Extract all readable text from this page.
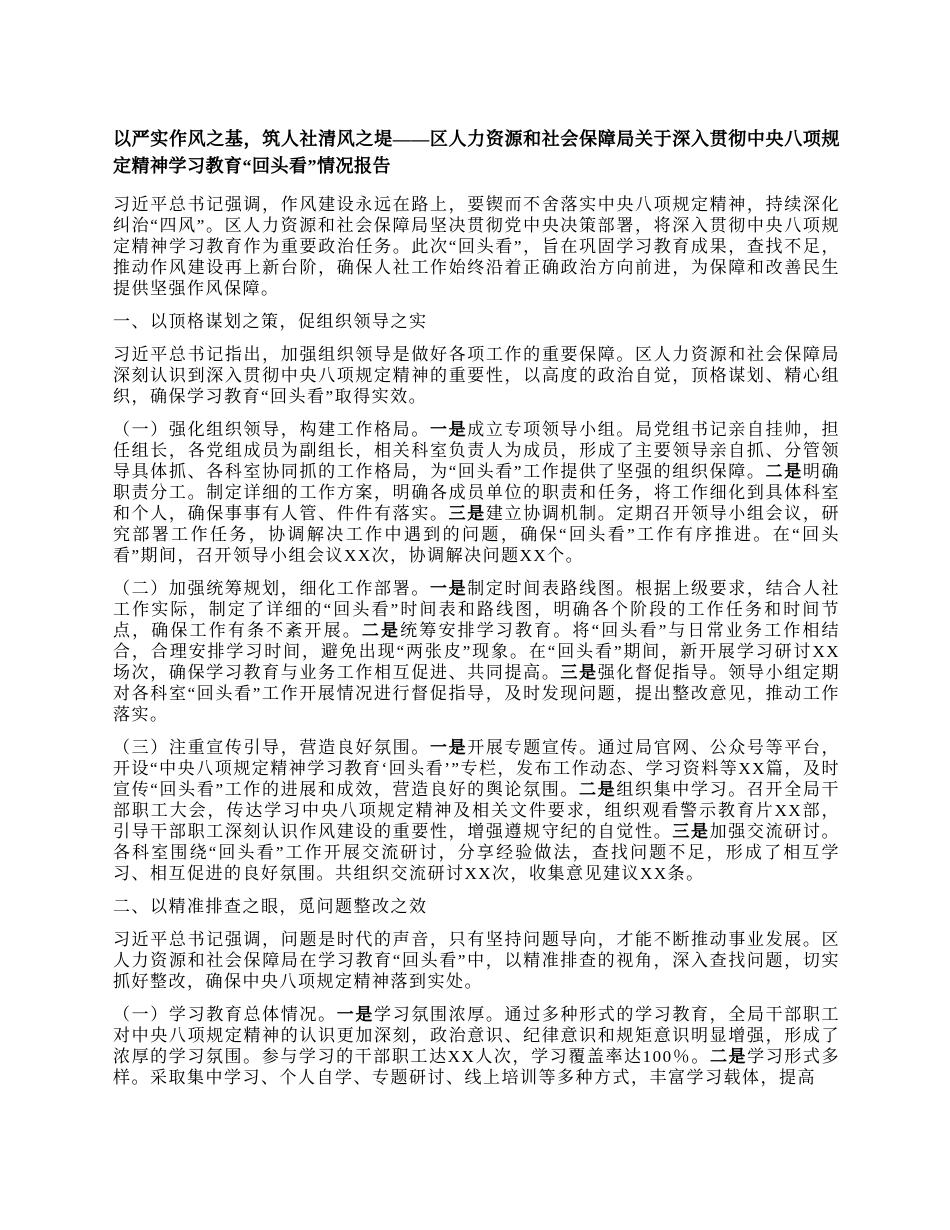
以严实作风之基，筑人社清风之堤——区人力资源和社会保障局关于深入贯彻中央八项规定精神学习教育“回头看”情况报告

习近平总书记强调，作风建设永远在路上，要锲而不舍落实中央八项规定精神，持续深化纠治“四风”。区人力资源和社会保障局坚决贯彻党中央决策部署，将深入贯彻中央八项规定精神学习教育作为重要政治任务。此次“回头看”，旨在巩固学习教育成果，查找不足，推动作风建设再上新台阶，确保人社工作始终沿着正确政治方向前进，为保障和改善民生提供坚强作风保障。

一、以顶格谋划之策，促组织领导之实

习近平总书记指出，加强组织领导是做好各项工作的重要保障。区人力资源和社会保障局深刻认识到深入贯彻中央八项规定精神的重要性，以高度的政治自觉，顶格谋划、精心组织，确保学习教育“回头看”取得实效。

（一）强化组织领导，构建工作格局。一是成立专项领导小组。局党组书记亲自挂帅，担任组长，各党组成员为副组长，相关科室负责人为成员，形成了主要领导亲自抓、分管领导具体抓、各科室协同抓的工作格局，为“回头看”工作提供了坚强的组织保障。二是明确职责分工。制定详细的工作方案，明确各成员单位的职责和任务，将工作细化到具体科室和个人，确保事事有人管、件件有落实。三是建立协调机制。定期召开领导小组会议，研究部署工作任务，协调解决工作中遇到的问题，确保“回头看”工作有序推进。在“回头看”期间，召开领导小组会议XX次，协调解决问题XX个。

（二）加强统筹规划，细化工作部署。一是制定时间表路线图。根据上级要求，结合人社工作实际，制定了详细的“回头看”时间表和路线图，明确各个阶段的工作任务和时间节点，确保工作有条不紊开展。二是统筹安排学习教育。将“回头看”与日常业务工作相结合，合理安排学习时间，避免出现“两张皮”现象。在“回头看”期间，新开展学习研讨XX场次，确保学习教育与业务工作相互促进、共同提高。三是强化督促指导。领导小组定期对各科室“回头看”工作开展情况进行督促指导，及时发现问题，提出整改意见，推动工作落实。

（三）注重宣传引导，营造良好氛围。一是开展专题宣传。通过局官网、公众号等平台，开设“中央八项规定精神学习教育‘回头看’”专栏，发布工作动态、学习资料等XX篇，及时宣传“回头看”工作的进展和成效，营造良好的舆论氛围。二是组织集中学习。召开全局干部职工大会，传达学习中央八项规定精神及相关文件要求，组织观看警示教育片XX部，引导干部职工深刻认识作风建设的重要性，增强遵规守纪的自觉性。三是加强交流研讨。各科室围绕“回头看”工作开展交流研讨，分享经验做法，查找问题不足，形成了相互学习、相互促进的良好氛围。共组织交流研讨XX次，收集意见建议XX条。

二、以精准排查之眼，觅问题整改之效

习近平总书记强调，问题是时代的声音，只有坚持问题导向，才能不断推动事业发展。区人力资源和社会保障局在学习教育“回头看”中，以精准排查的视角，深入查找问题，切实抓好整改，确保中央八项规定精神落到实处。

（一）学习教育总体情况。一是学习氛围浓厚。通过多种形式的学习教育，全局干部职工对中央八项规定精神的认识更加深刻，政治意识、纪律意识和规矩意识明显增强，形成了浓厚的学习氛围。参与学习的干部职工达XX人次，学习覆盖率达100％。二是学习形式多样。采取集中学习、个人自学、专题研讨、线上培训等多种方式，丰富学习载体，提高
